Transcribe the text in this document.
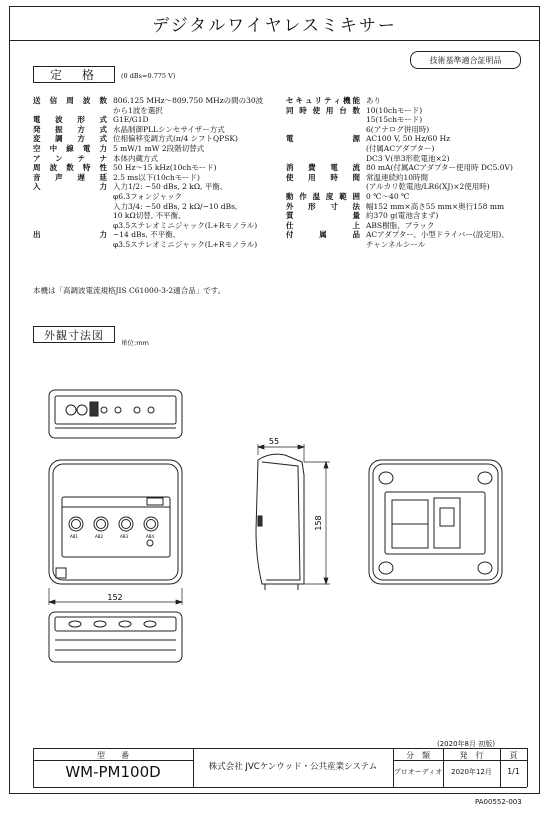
デジタルワイヤレスミキサー
技術基準適合証明品
定　格	(0 dBs=0.775 V)
送 信 周 波 数 806.125 MHz〜809.750 MHzの間の30波
から1波を選択
電 波 形 式 G1E/G1D
発 振 方 式 水晶制御PLLシンセサイザー方式
変 調 方 式 位相偏移変調方式(π/4 シフトQPSK)
空 中 線 電 力 5 mW/1 mW 2段階切替式
ア ン テ ナ 本体内蔵方式
周 波 数 特 性 50 Hz〜15 kHz(10chモード)
音 声 遅 延 2.5 ms以下(10chモード)
入	力 入力1/2: −50 dBs, 2 kΩ, 平衡、
φ6.3フォンジャック
入力3/4: −50 dBs, 2 kΩ/−10 dBs,
10 kΩ切替, 不平衡、
φ3.5ステレオミニジャック(L+Rモノラル)
出	力 −14 dBs, 不平衡、
φ3.5ステレオミニジャック(L+Rモノラル)
セ キ ュ リ テ ィ 機 能 あり
同 時 使 用 台 数 10(10chモード)
15(15chモード)
6(アナログ併用時)
電	源 AC100 V, 50 Hz/60 Hz
(付属ACアダプター)
DC3 V(単3形乾電池×2)
消 費 電 流 80 mA(付属ACアダプター使用時 DC5.0V)
使 用 時 間 常温連続約10時間
(アルカリ乾電池/LR6(XJ)×2使用時)
動 作 温 度 範 囲 0 ℃〜40 ℃
外 形 寸 法 幅152 mm×高さ55 mm×奥行158 mm
質	量 約370 g(電池含まず)
仕	上 ABS樹脂、ブラック
付	属	品 ACアダプター、小型ドライバー(設定用)、
チャンネルシール
本機は「高調波電流規格JIS C61000-3-2適合品」です。
外観寸法図
単位:mm
AB1	AB2	AB3	AB4
152
55
158
(2020年8月 初版)
型　　番
WM-PM100D	株式会社 JVCケンウッド・公共産業システム
分　類
プロオーディオ
発　行
2020年12月
頁
1/1
PA00552-003
